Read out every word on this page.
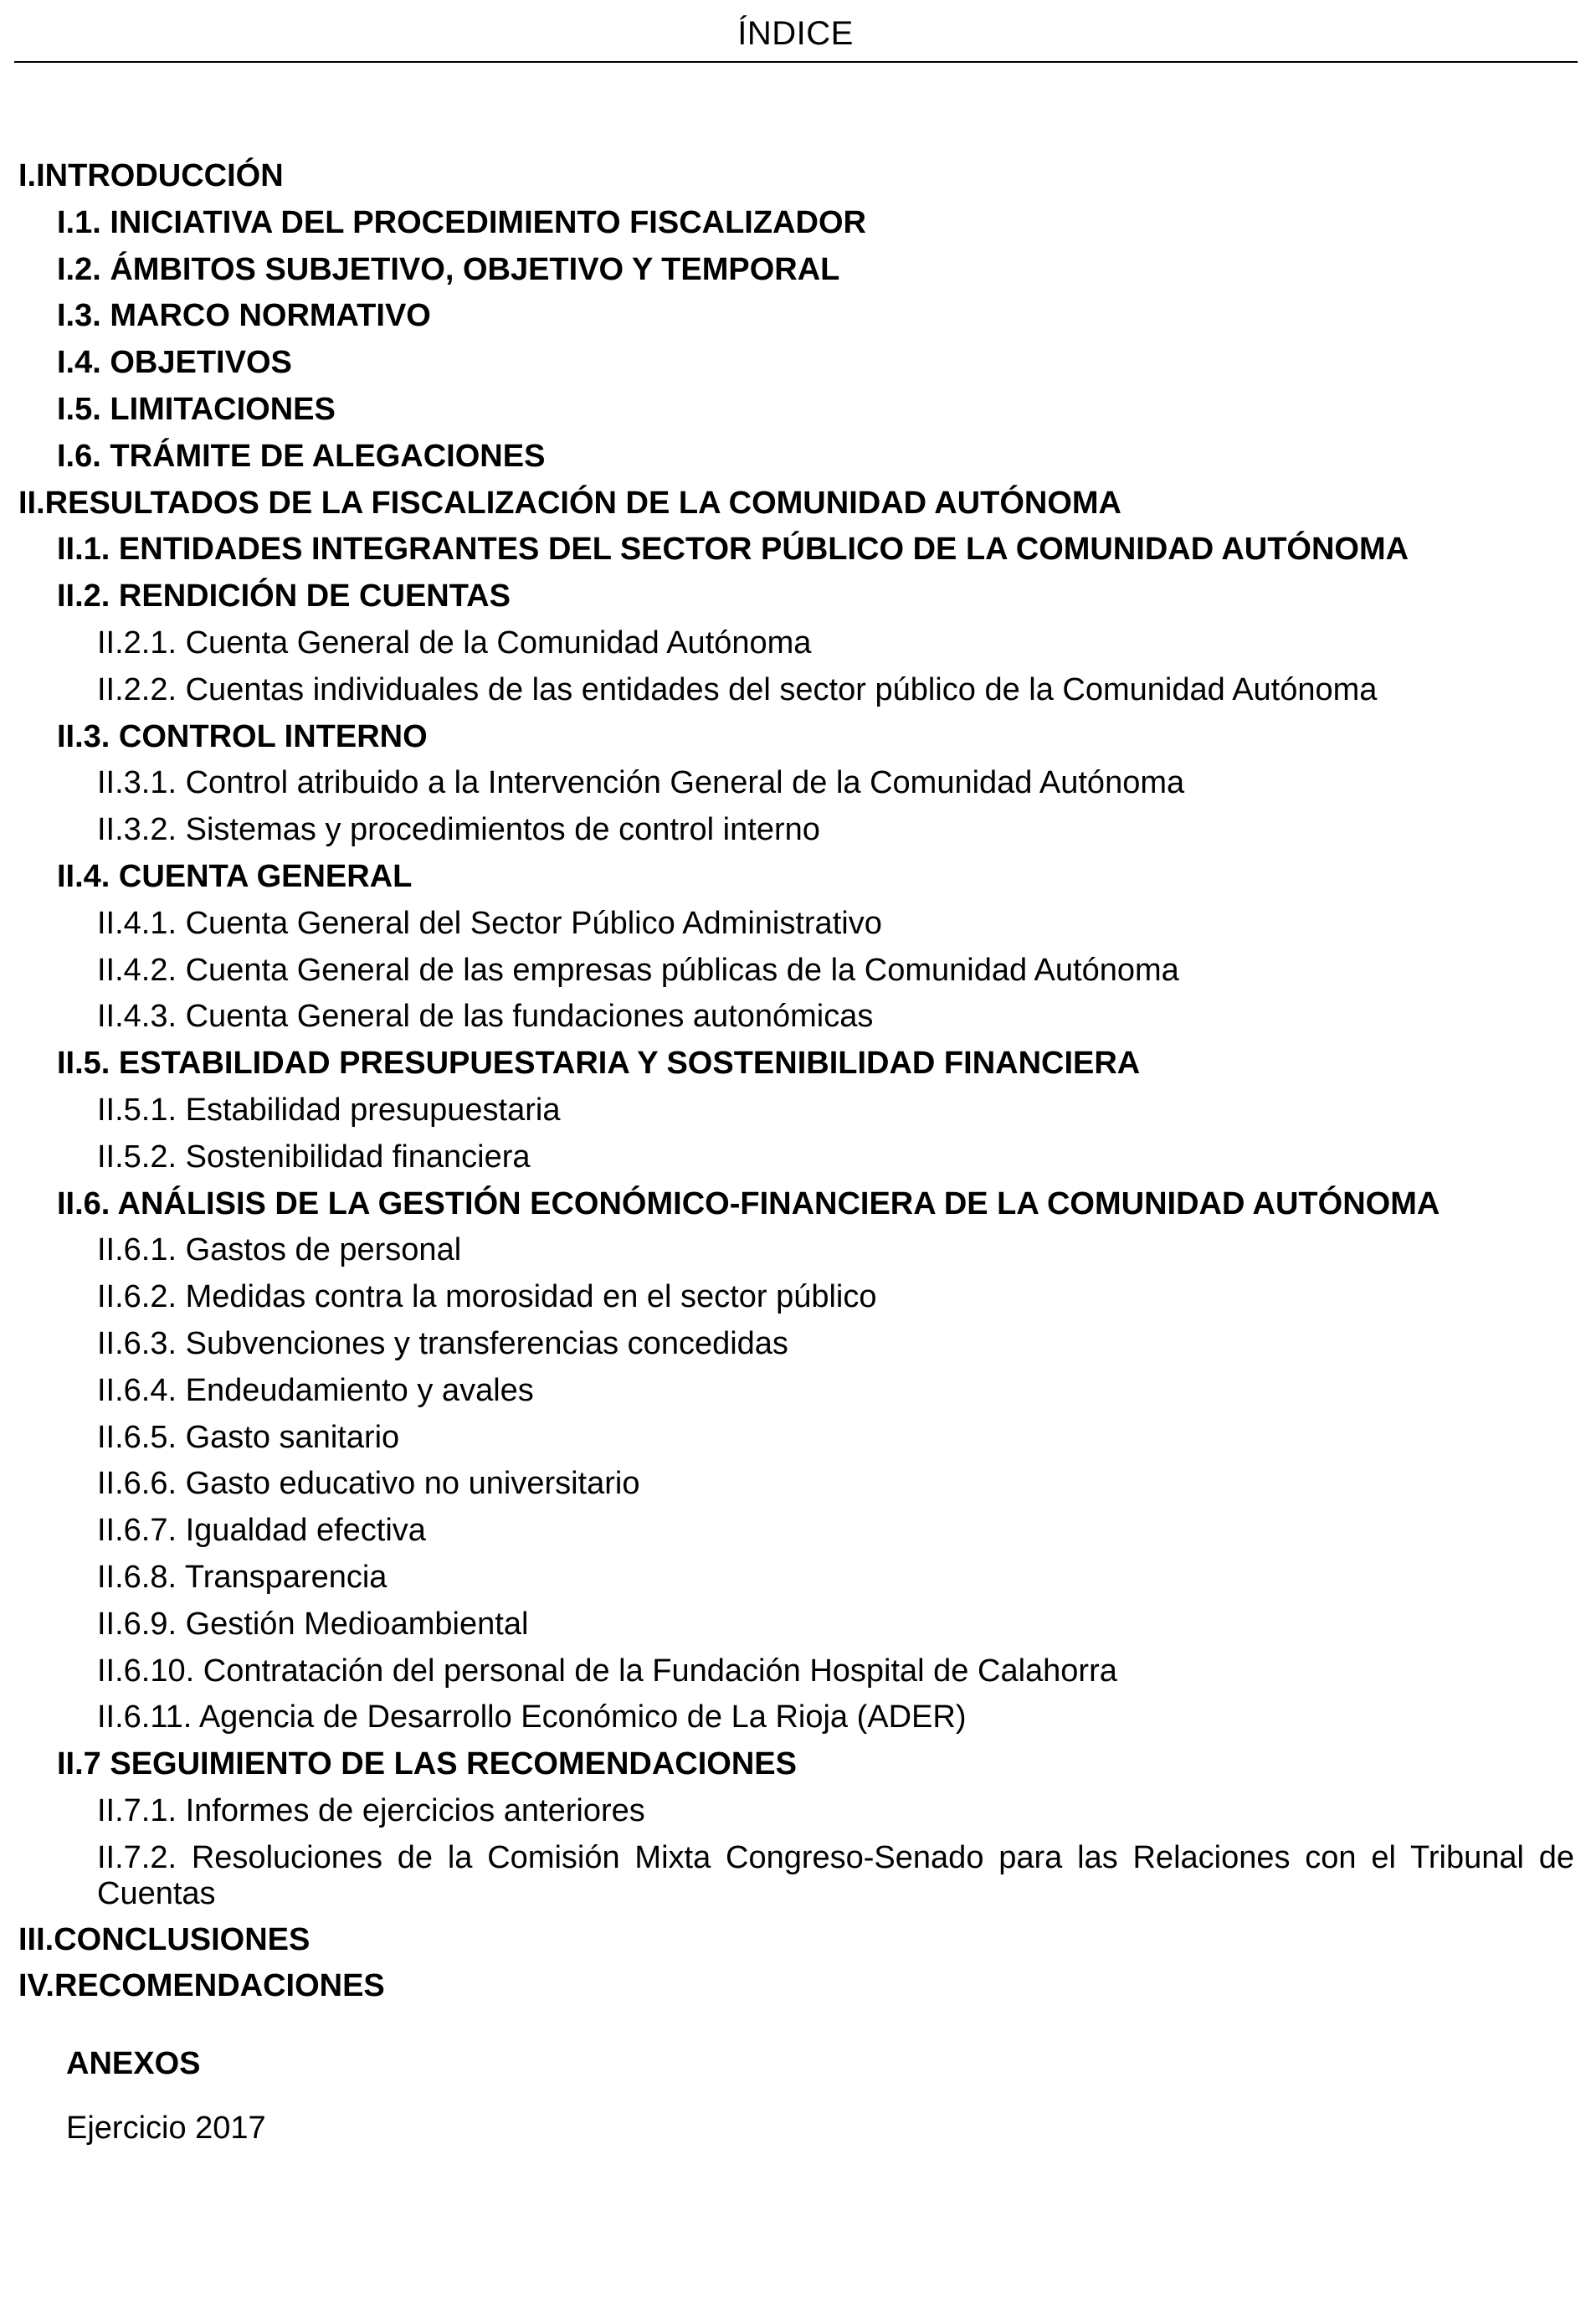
ÍNDICE
I.INTRODUCCIÓN
I.1. INICIATIVA DEL PROCEDIMIENTO FISCALIZADOR
I.2. ÁMBITOS SUBJETIVO, OBJETIVO Y TEMPORAL
I.3. MARCO NORMATIVO
I.4. OBJETIVOS
I.5. LIMITACIONES
I.6. TRÁMITE DE ALEGACIONES
II.RESULTADOS DE LA FISCALIZACIÓN DE LA COMUNIDAD AUTÓNOMA
II.1. ENTIDADES INTEGRANTES DEL SECTOR PÚBLICO DE LA COMUNIDAD AUTÓNOMA
II.2. RENDICIÓN DE CUENTAS
II.2.1. Cuenta General de la Comunidad Autónoma
II.2.2. Cuentas individuales de las entidades del sector público de la Comunidad Autónoma
II.3. CONTROL INTERNO
II.3.1. Control atribuido a la Intervención General de la Comunidad Autónoma
II.3.2. Sistemas y procedimientos de control interno
II.4. CUENTA GENERAL
II.4.1. Cuenta General del Sector Público Administrativo
II.4.2. Cuenta General de las empresas públicas de la Comunidad Autónoma
II.4.3. Cuenta General de las fundaciones autonómicas
II.5. ESTABILIDAD PRESUPUESTARIA Y SOSTENIBILIDAD FINANCIERA
II.5.1. Estabilidad presupuestaria
II.5.2. Sostenibilidad financiera
II.6. ANÁLISIS DE LA GESTIÓN ECONÓMICO-FINANCIERA DE LA COMUNIDAD AUTÓNOMA
II.6.1. Gastos de personal
II.6.2. Medidas contra la morosidad en el sector público
II.6.3. Subvenciones y transferencias concedidas
II.6.4. Endeudamiento y avales
II.6.5. Gasto sanitario
II.6.6. Gasto educativo no universitario
II.6.7. Igualdad efectiva
II.6.8. Transparencia
II.6.9. Gestión Medioambiental
II.6.10. Contratación del personal de la Fundación Hospital de Calahorra
II.6.11. Agencia de Desarrollo Económico de La Rioja (ADER)
II.7 SEGUIMIENTO DE LAS RECOMENDACIONES
II.7.1. Informes de ejercicios anteriores
II.7.2. Resoluciones de la Comisión Mixta Congreso-Senado para las Relaciones con el Tribunal de Cuentas
III.CONCLUSIONES
IV.RECOMENDACIONES
ANEXOS
Ejercicio 2017
